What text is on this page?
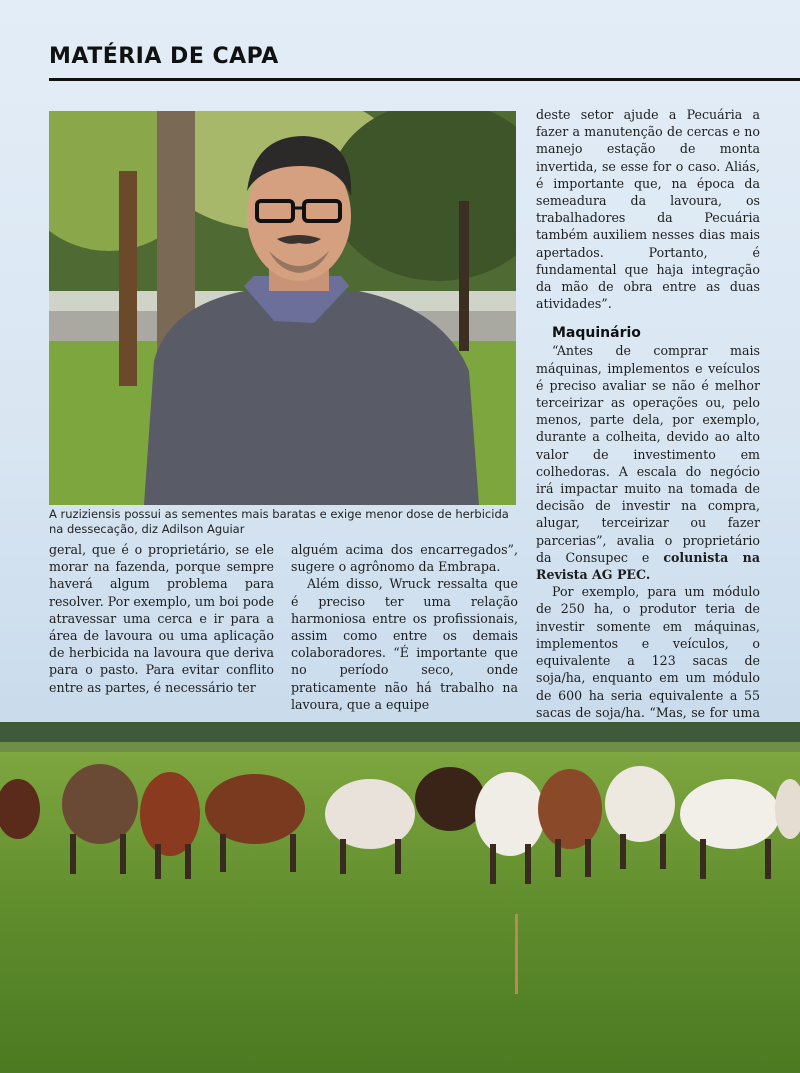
MATÉRIA DE CAPA
A ruziziensis possui as sementes mais baratas e exige menor dose de herbicida na dessecação, diz Adilson Aguiar

geral, que é o proprietário, se ele morar na fazenda, porque sempre haverá algum problema para resolver. Por exemplo, um boi pode atravessar uma cerca e ir para a área de lavoura ou uma aplicação de herbicida na lavoura que deriva para o pasto. Para evitar conflito entre as partes, é necessário ter

alguém acima dos encarregados”, sugere o agrônomo da Embrapa.

Além disso, Wruck ressalta que é preciso ter uma relação harmoniosa entre os profissionais, assim como entre os demais colaboradores. “É importante que no período seco, onde praticamente não há trabalho na lavoura, que a equipe

deste setor ajude a Pecuária a fazer a manutenção de cercas e no manejo estação de monta invertida, se esse for o caso. Aliás, é importante que, na época da semeadura da lavoura, os trabalhadores da Pecuária também auxiliem nesses dias mais apertados. Portanto, é fundamental que haja integração da mão de obra entre as duas atividades”.

Maquinário

“Antes de comprar mais máquinas, implementos e veículos é preciso avaliar se não é melhor terceirizar as operações ou, pelo menos, parte dela, por exemplo, durante a colheita, devido ao alto valor de investimento em colhedoras. A escala do negócio irá impactar muito na tomada de decisão de investir na compra, alugar, terceirizar ou fazer parcerias”, avalia o proprietário da Consupec e colunista na Revista AG PEC.

Por exemplo, para um módulo de 250 ha, o produtor teria de investir somente em máquinas, implementos e veículos, o equivalente a 123 sacas de soja/ha, enquanto em um módulo de 600 ha seria equivalente a 55 sacas de soja/ha. “Mas, se for uma
